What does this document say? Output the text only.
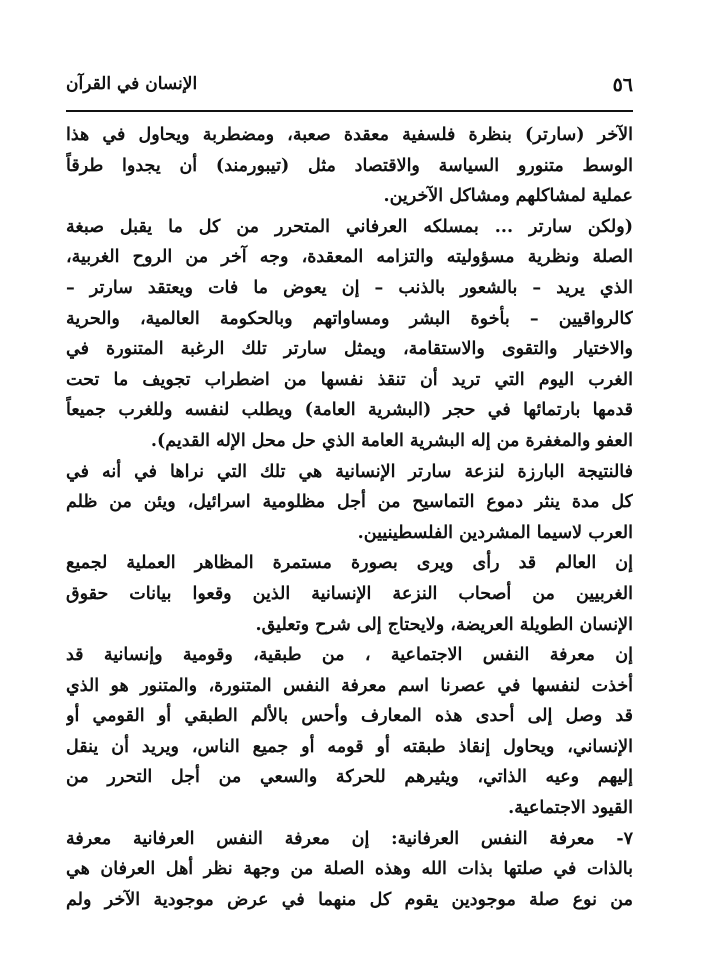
٥٦
الإنسان في القرآن
الآخر (سارتر) بنظرة فلسفية معقدة صعبة، ومضطربة ويحاول في هذا
الوسط متنورو السياسة والاقتصاد مثل (تيبورمند) أن يجدوا طرقاً
عملية لمشاكلهم ومشاكل الآخرين.
(ولكن سارتر ... بمسلكه العرفاني المتحرر من كل ما يقبل صبغة
الصلة ونظرية مسؤوليته والتزامه المعقدة، وجه آخر من الروح الغربية،
الذي يريد – بالشعور بالذنب – إن يعوض ما فات ويعتقد سارتر –
كالرواقيين – بأخوة البشر ومساواتهم وبالحكومة العالمية، والحرية
والاختيار والتقوى والاستقامة، ويمثل سارتر تلك الرغبة المتنورة في
الغرب اليوم التي تريد أن تنقذ نفسها من اضطراب تجويف ما تحت
قدمها بارتمائها في حجر (البشرية العامة) ويطلب لنفسه وللغرب جميعاً
العفو والمغفرة من إله البشرية العامة الذي حل محل الإله القديم).
فالنتيجة البارزة لنزعة سارتر الإنسانية هي تلك التي نراها في أنه في
كل مدة ينثر دموع التماسيح من أجل مظلومية اسرائيل، ويئن من ظلم
العرب لاسيما المشردين الفلسطينيين.
إن العالم قد رأى ويرى بصورة مستمرة المظاهر العملية لجميع
الغربيين من أصحاب النزعة الإنسانية الذين وقعوا بيانات حقوق
الإنسان الطويلة العريضة، ولايحتاج إلى شرح وتعليق.
إن معرفة النفس الاجتماعية ، من طبقية، وقومية وإنسانية قد
أخذت لنفسها في عصرنا اسم معرفة النفس المتنورة، والمتنور هو الذي
قد وصل إلى أحدى هذه المعارف وأحس بالألم الطبقي أو القومي أو
الإنساني، ويحاول إنقاذ طبقته أو قومه أو جميع الناس، ويريد أن ينقل
إليهم وعيه الذاتي، ويثيرهم للحركة والسعي من أجل التحرر من
القيود الاجتماعية.
٧- معرفة النفس العرفانية: إن معرفة النفس العرفانية معرفة
بالذات في صلتها بذات الله وهذه الصلة من وجهة نظر أهل العرفان هي
من نوع صلة موجودين يقوم كل منهما في عرض موجودية الآخر ولم
